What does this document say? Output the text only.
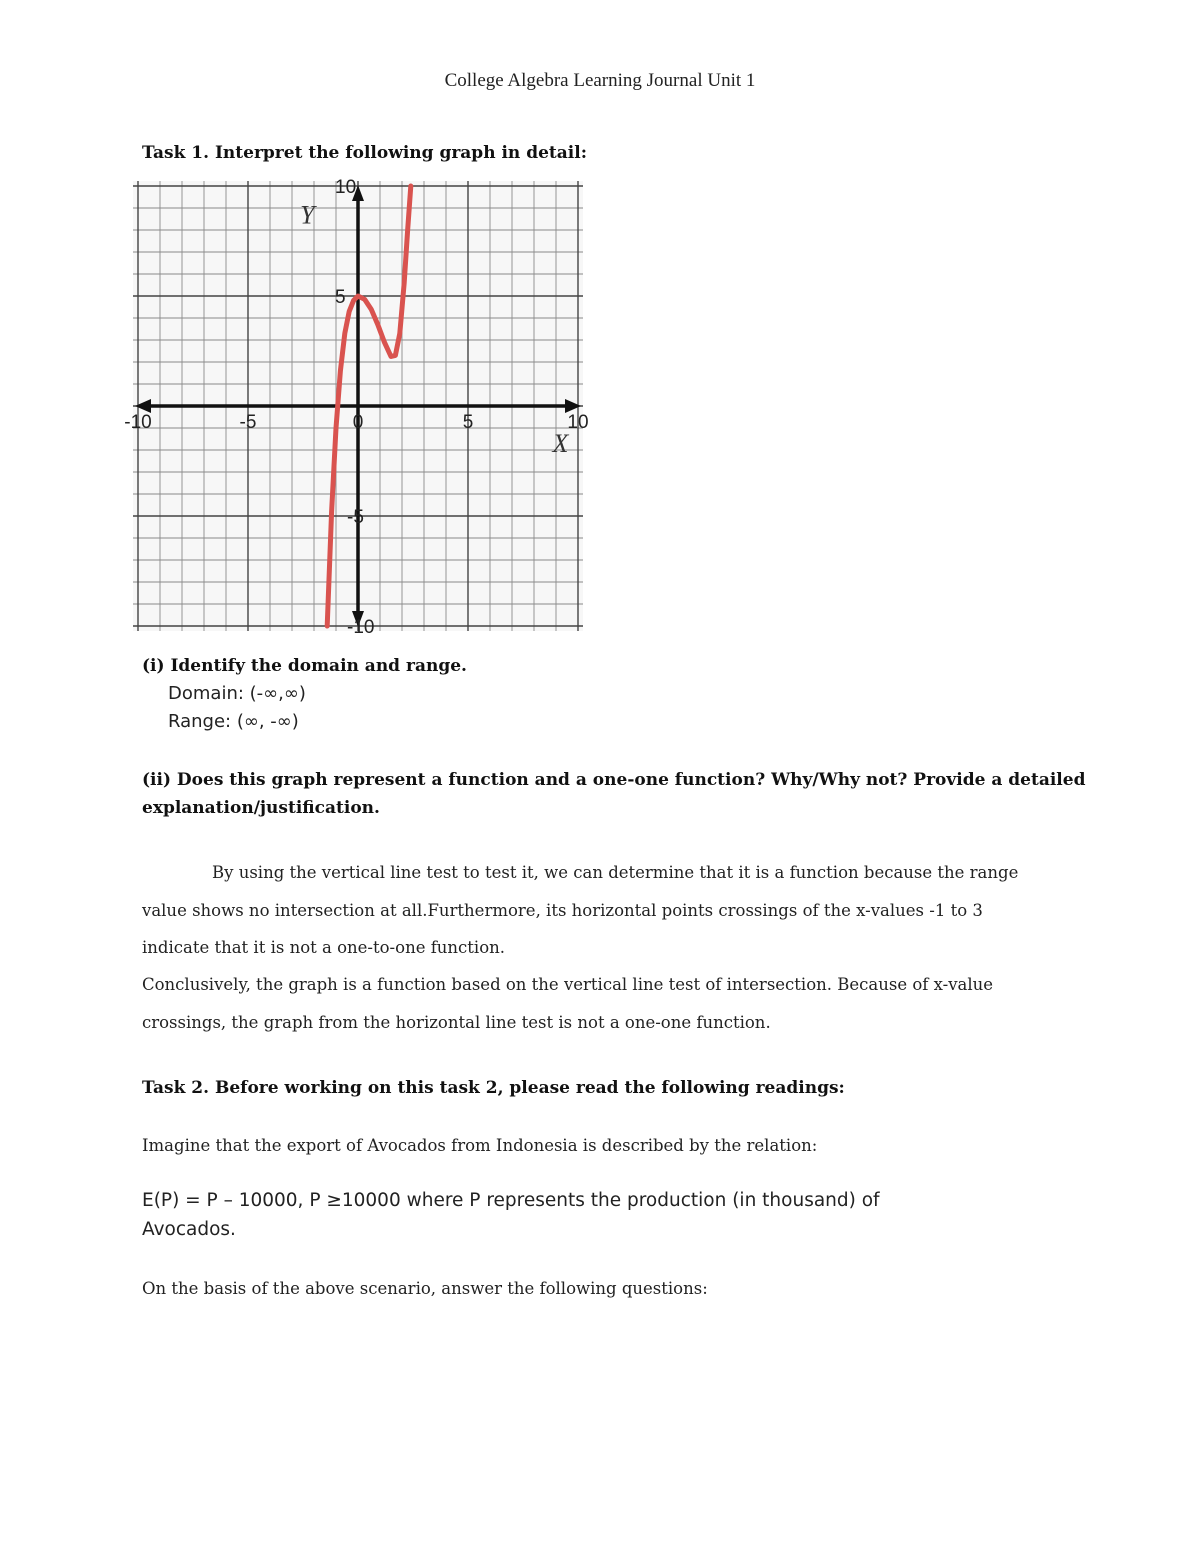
College Algebra Learning Journal Unit 1
Task 1. Interpret the following graph in detail:
-10	-5	0	5	10
10
5
-5
-10
X
Y
(i) Identify the domain and range.
Domain: (-∞,∞)
Range: (∞, -∞)
(ii) Does this graph represent a function and a one-one function? Why/Why not? Provide a detailed
explanation/justification.
By using the vertical line test to test it, we can determine that it is a function because the range
value shows no intersection at all.Furthermore, its horizontal points crossings of the x-values -1 to 3
indicate that it is not a one-to-one function.
Conclusively, the graph is a function based on the vertical line test of intersection. Because of x-value
crossings, the graph from the horizontal line test is not a one-one function.
Task 2. Before working on this task 2, please read the following readings:
Imagine that the export of Avocados from Indonesia is described by the relation:
E(P) = P – 10000, P ≥10000 where P represents the production (in thousand) of
Avocados.
On the basis of the above scenario, answer the following questions:
